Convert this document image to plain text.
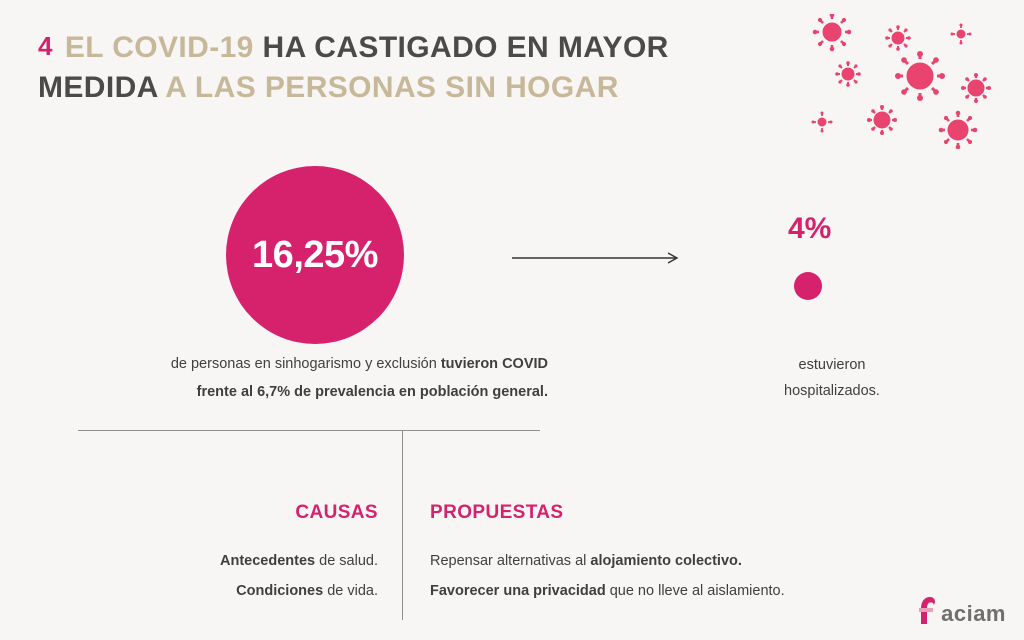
4 EL COVID-19 HA CASTIGADO EN MAYOR
MEDIDA A LAS PERSONAS SIN HOGAR
16,25%
4%
de personas en sinhogarismo y exclusión tuvieron COVID
frente al 6,7% de prevalencia en población general.
estuvieron
hospitalizados.
CAUSAS
Antecedentes de salud.
Condiciones de vida.
PROPUESTAS
Repensar alternativas al alojamiento colectivo.
Favorecer una privacidad que no lleve al aislamiento.
aciam
